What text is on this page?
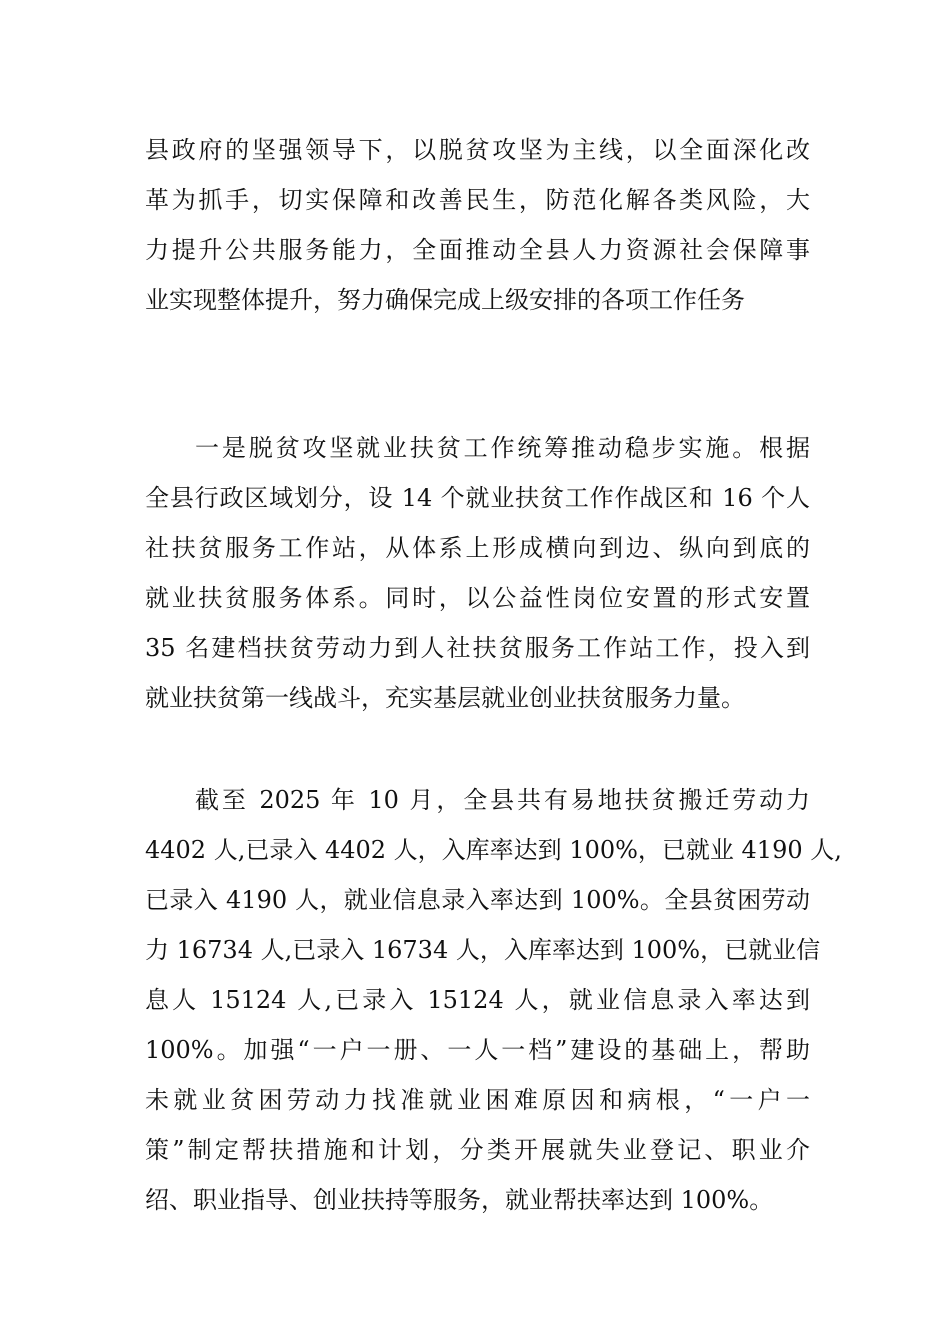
县政府的坚强领导下，以脱贫攻坚为主线，以全面深化改
革为抓手，切实保障和改善民生，防范化解各类风险，大
力提升公共服务能力，全面推动全县人力资源社会保障事
业实现整体提升，努力确保完成上级安排的各项工作任务
一是脱贫攻坚就业扶贫工作统筹推动稳步实施。根据
全县行政区域划分，设 14 个就业扶贫工作作战区和 16 个人
社扶贫服务工作站，从体系上形成横向到边、纵向到底的
就业扶贫服务体系。同时，以公益性岗位安置的形式安置
35 名建档扶贫劳动力到人社扶贫服务工作站工作，投入到
就业扶贫第一线战斗，充实基层就业创业扶贫服务力量。
截至 2025 年 10 月，全县共有易地扶贫搬迁劳动力
4402 人,已录入 4402 人，入库率达到 100%，已就业 4190 人,
已录入 4190 人，就业信息录入率达到 100%。全县贫困劳动
力 16734 人,已录入 16734 人，入库率达到 100%，已就业信
息人 15124 人,已录入 15124 人，就业信息录入率达到
100%。加强“一户一册、一人一档”建设的基础上，帮助
未就业贫困劳动力找准就业困难原因和病根，“一户一
策”制定帮扶措施和计划，分类开展就失业登记、职业介
绍、职业指导、创业扶持等服务，就业帮扶率达到 100%。
